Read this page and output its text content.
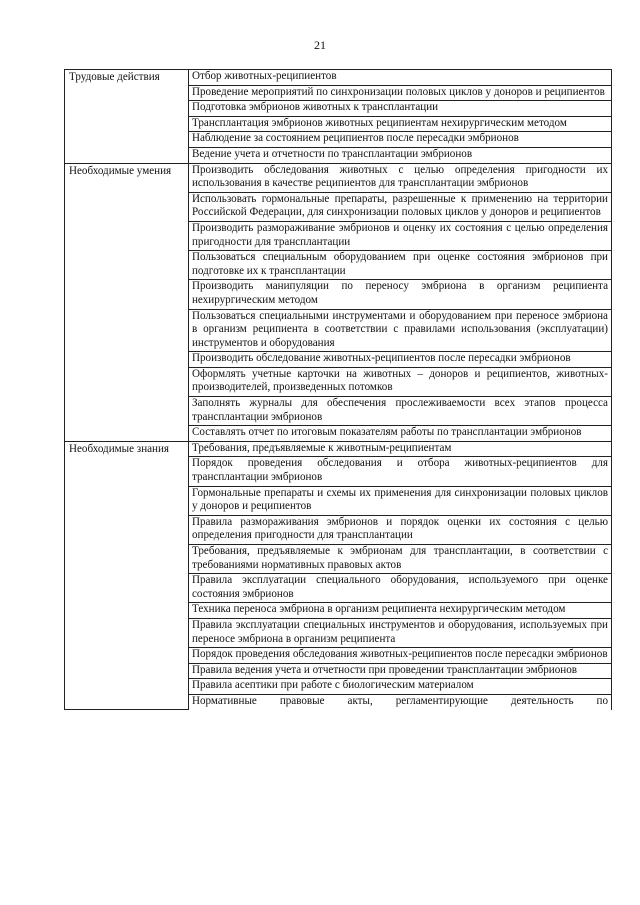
21
Трудовые действия	Отбор животных-реципиентов
	Проведение мероприятий по синхронизации половых циклов у доноров и реципиентов
	Подготовка эмбрионов животных к трансплантации
	Трансплантация эмбрионов животных реципиентам нехирургическим методом
	Наблюдение за состоянием реципиентов после пересадки эмбрионов
	Ведение учета и отчетности по трансплантации эмбрионов
Необходимые умения	Производить обследования животных с целью определения пригодности их использования в качестве реципиентов для трансплантации эмбрионов
	Использовать гормональные препараты, разрешенные к применению на территории Российской Федерации, для синхронизации половых циклов у доноров и реципиентов
	Производить размораживание эмбрионов и оценку их состояния с целью определения пригодности для трансплантации
	Пользоваться специальным оборудованием при оценке состояния эмбрионов при подготовке их к трансплантации
	Производить манипуляции по переносу эмбриона в организм реципиента нехирургическим методом
	Пользоваться специальными инструментами и оборудованием при переносе эмбриона в организм реципиента в соответствии с правилами использования (эксплуатации) инструментов и оборудования
	Производить обследование животных-реципиентов после пересадки эмбрионов
	Оформлять учетные карточки на животных – доноров и реципиентов, животных-производителей, произведенных потомков
	Заполнять журналы для обеспечения прослеживаемости всех этапов процесса трансплантации эмбрионов
	Составлять отчет по итоговым показателям работы по трансплантации эмбрионов
Необходимые знания	Требования, предъявляемые к животным-реципиентам
	Порядок проведения обследования и отбора животных-реципиентов для трансплантации эмбрионов
	Гормональные препараты и схемы их применения для синхронизации половых циклов у доноров и реципиентов
	Правила размораживания эмбрионов и порядок оценки их состояния с целью определения пригодности для трансплантации
	Требования, предъявляемые к эмбрионам для трансплантации, в соответствии с требованиями нормативных правовых актов
	Правила эксплуатации специального оборудования, используемого при оценке состояния эмбрионов
	Техника переноса эмбриона в организм реципиента нехирургическим методом
	Правила эксплуатации специальных инструментов и оборудования, используемых при переносе эмбриона в организм реципиента
	Порядок проведения обследования животных-реципиентов после пересадки эмбрионов
	Правила ведения учета и отчетности при проведении трансплантации эмбрионов
	Правила асептики при работе с биологическим материалом
	Нормативные правовые акты, регламентирующие деятельность по
